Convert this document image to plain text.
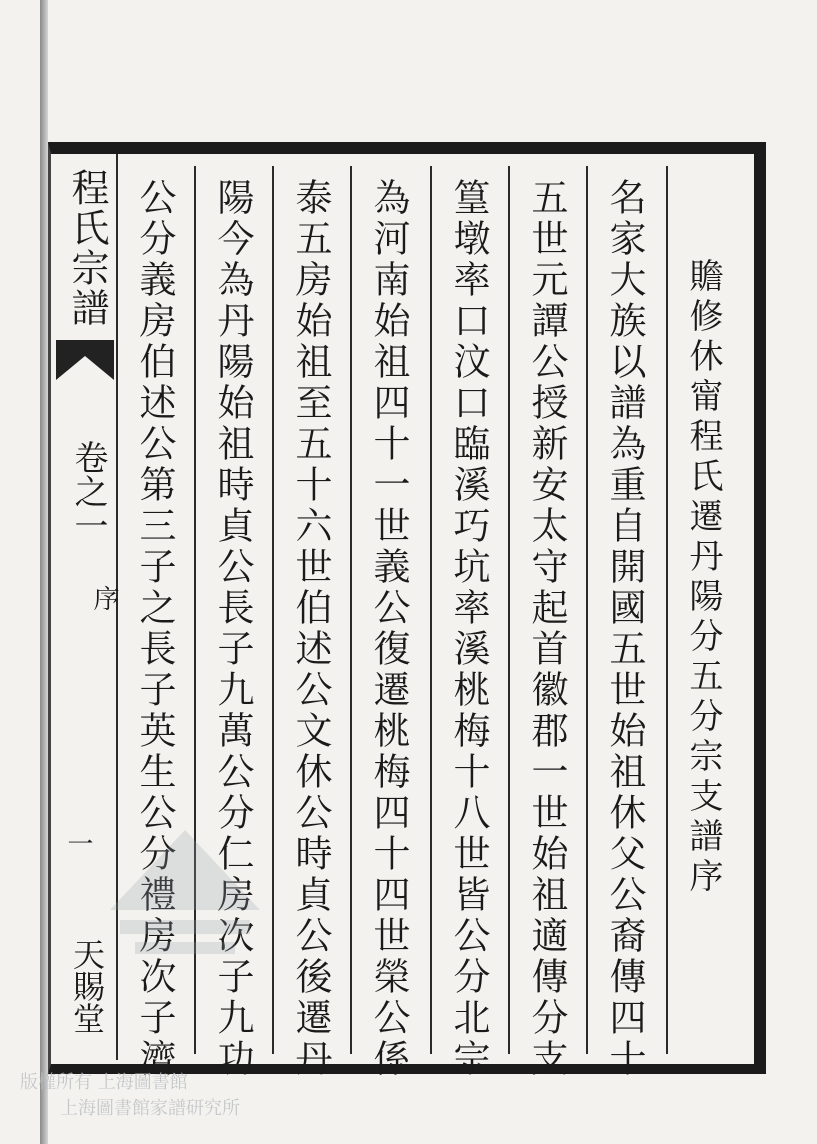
程氏宗譜
卷之一
序
一
天賜堂
贍修休甯程氏遷丹陽分五分宗支譜序
名家大族以譜為重自開國五世始祖休父公裔傳四十
五世元譚公授新安太守起首徽郡一世始祖適傳分支
篁墩率口汶口臨溪巧坑率溪桃梅十八世皆公分北宗
為河南始祖四十一世義公復遷桃梅四十四世榮公係
泰五房始祖至五十六世伯述公文休公時貞公後遷丹
陽今為丹陽始祖時貞公長子九萬公分仁房次子九功
公分義房伯述公第三子之長子英生公分禮房次子濟
版權所有 上海圖書館
上海圖書館家譜研究所
